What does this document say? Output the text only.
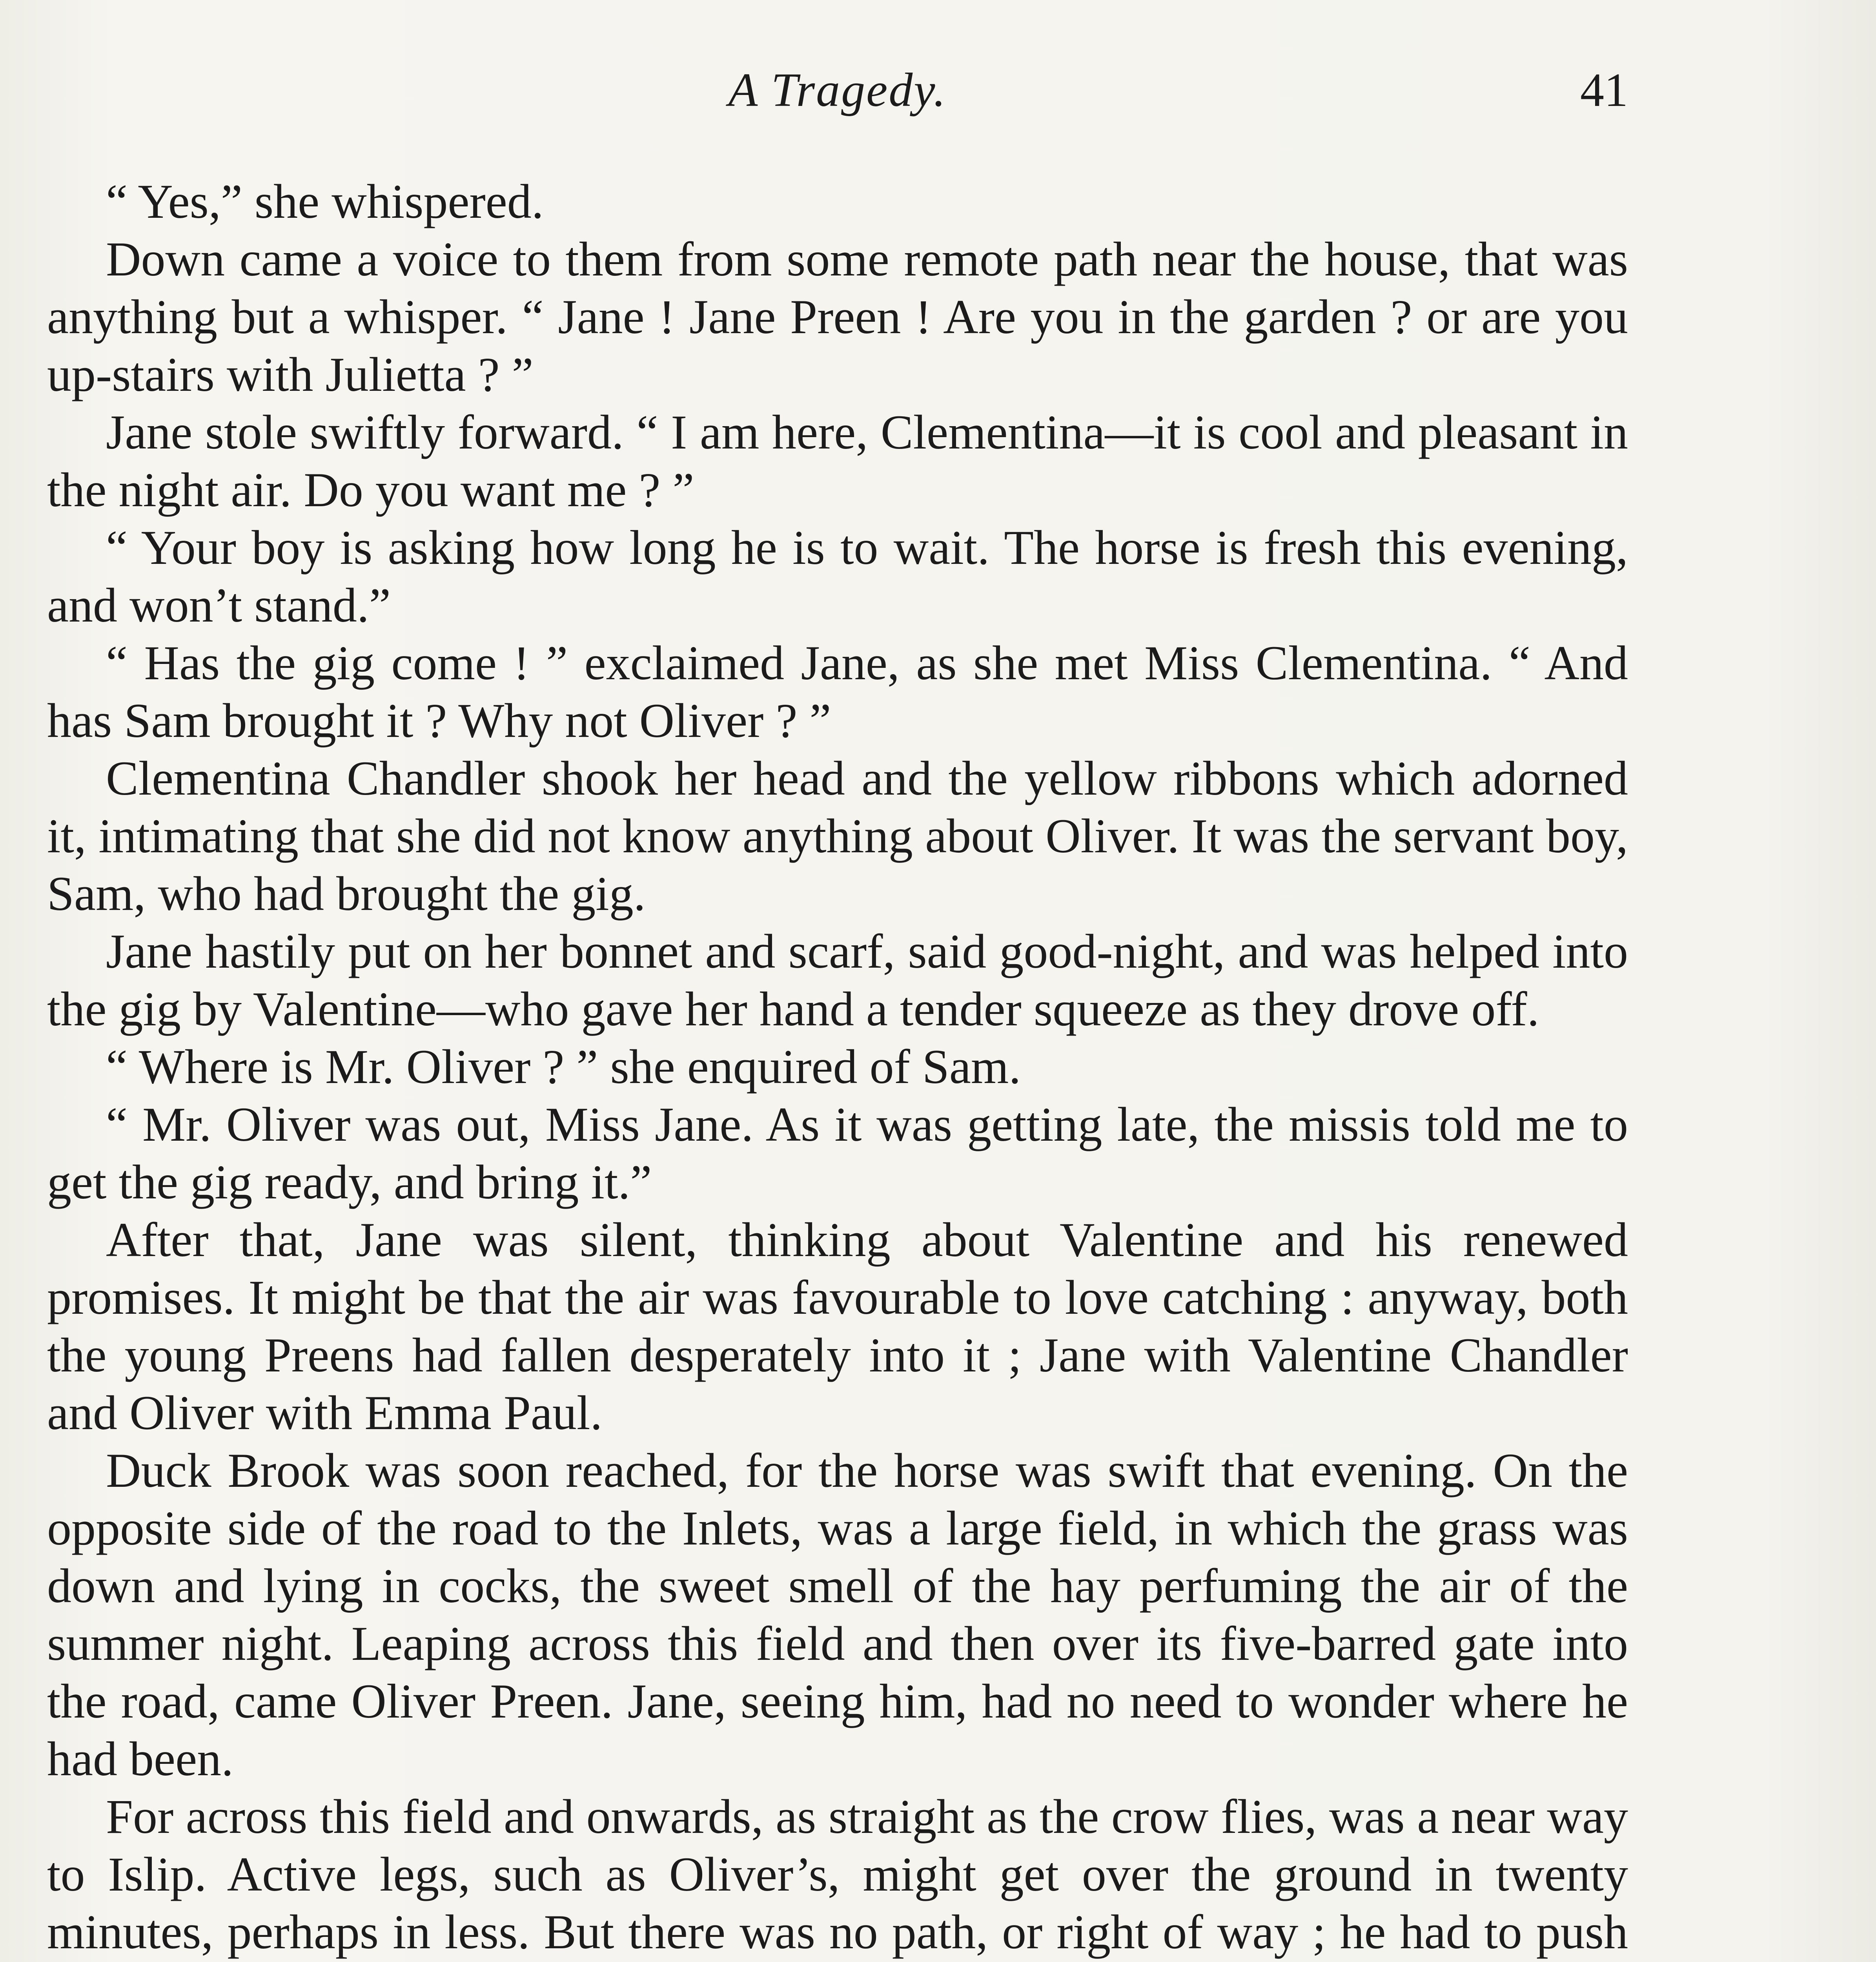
A Tragedy.	41

“ Yes,” she whispered.

Down came a voice to them from some remote path near the house, that was anything but a whisper. “ Jane ! Jane Preen ! Are you in the garden ? or are you up-stairs with Julietta ? ”

Jane stole swiftly forward. “ I am here, Clementina—it is cool and pleasant in the night air. Do you want me ? ”

“ Your boy is asking how long he is to wait. The horse is fresh this evening, and won’t stand.”

“ Has the gig come ! ” exclaimed Jane, as she met Miss Clementina. “ And has Sam brought it ? Why not Oliver ? ”

Clementina Chandler shook her head and the yellow ribbons which adorned it, intimating that she did not know anything about Oliver. It was the servant boy, Sam, who had brought the gig.

Jane hastily put on her bonnet and scarf, said good-night, and was helped into the gig by Valentine—who gave her hand a tender squeeze as they drove off.

“ Where is Mr. Oliver ? ” she enquired of Sam.

“ Mr. Oliver was out, Miss Jane. As it was getting late, the missis told me to get the gig ready, and bring it.”

After that, Jane was silent, thinking about Valentine and his renewed promises. It might be that the air was favourable to love catching : anyway, both the young Preens had fallen desperately into it ; Jane with Valentine Chandler and Oliver with Emma Paul.

Duck Brook was soon reached, for the horse was swift that evening. On the opposite side of the road to the Inlets, was a large field, in which the grass was down and lying in cocks, the sweet smell of the hay perfuming the air of the summer night. Leaping across this field and then over its five-barred gate into the road, came Oliver Preen. Jane, seeing him, had no need to wonder where he had been.

For across this field and onwards, as straight as the crow flies, was a near way to Islip. Active legs, such as Oliver’s, might get over the ground in twenty minutes, perhaps in less. But there was no path, or right of way ; he had to push
